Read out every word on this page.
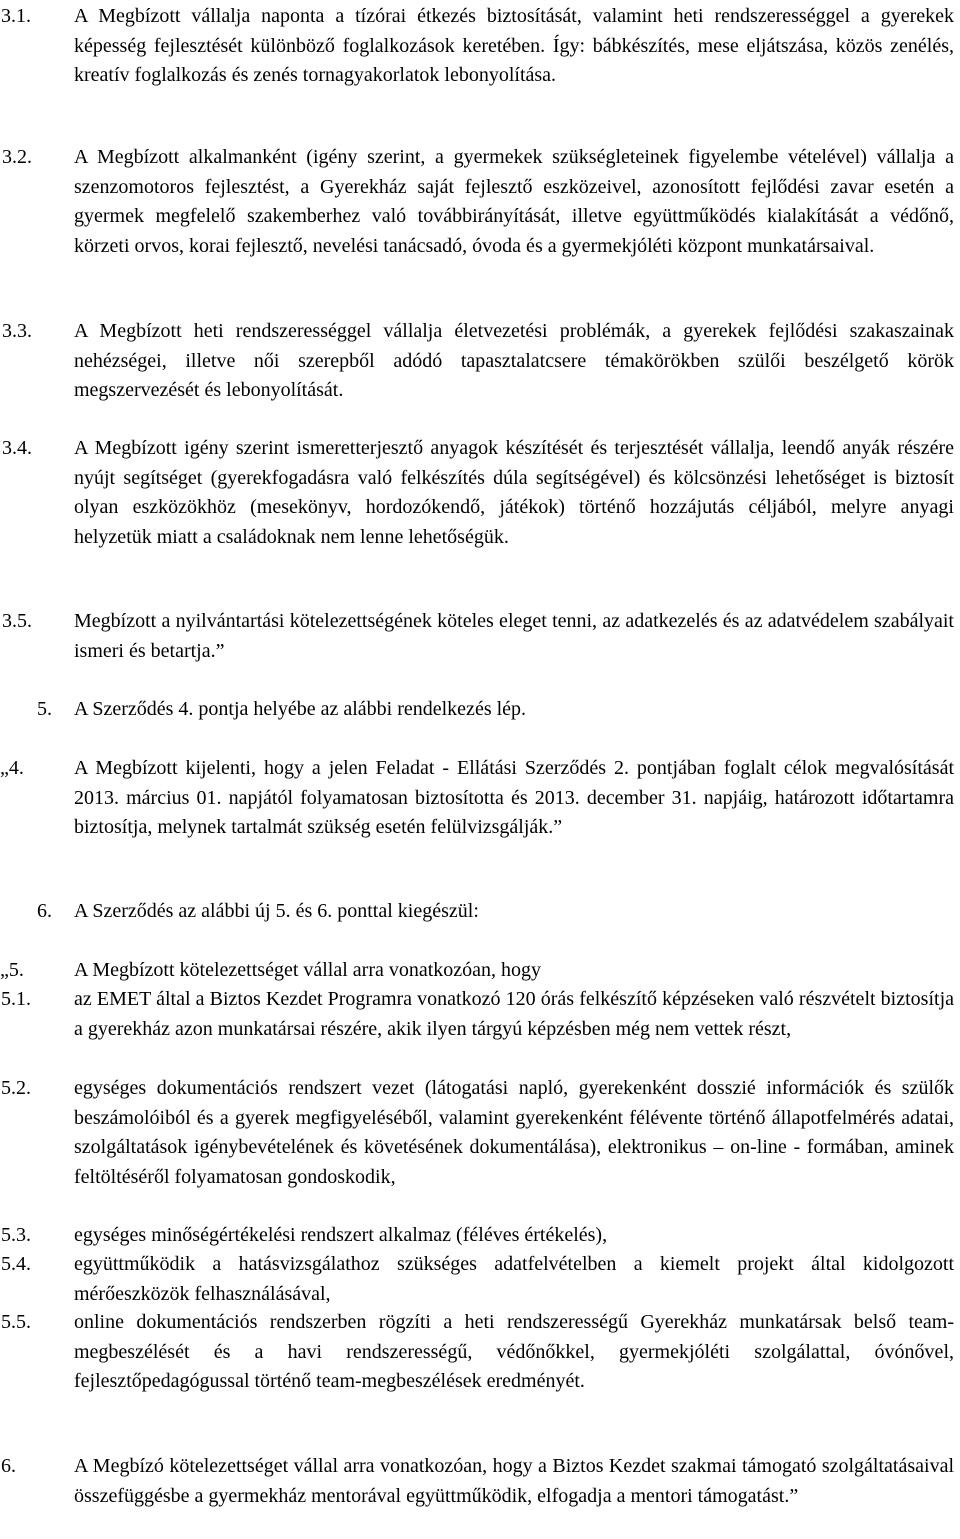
3.1.	A Megbízott vállalja naponta a tízórai étkezés biztosítását, valamint heti rendszerességgel a gyerekek képesség fejlesztését különböző foglalkozások keretében. Így: bábkészítés, mese eljátszása, közös zenélés, kreatív foglalkozás és zenés tornagyakorlatok lebonyolítása.
3.2.	A Megbízott alkalmanként (igény szerint, a gyermekek szükségleteinek figyelembe vételével) vállalja a szenzomotoros fejlesztést, a Gyerekház saját fejlesztő eszközeivel, azonosított fejlődési zavar esetén a gyermek megfelelő szakemberhez való továbbirányítását, illetve együttműködés kialakítását a védőnő, körzeti orvos, korai fejlesztő, nevelési tanácsadó, óvoda és a gyermekjóléti központ munkatársaival.
3.3.	A Megbízott heti rendszerességgel vállalja életvezetési problémák, a gyerekek fejlődési szakaszainak nehézségei, illetve női szerepből adódó tapasztalatcsere témakörökben szülői beszélgető körök megszervezését és lebonyolítását.
3.4.	A Megbízott igény szerint ismeretterjesztő anyagok készítését és terjesztését vállalja, leendő anyák részére nyújt segítséget (gyerekfogadásra való felkészítés dúla segítségével) és kölcsönzési lehetőséget is biztosít olyan eszközökhöz (mesekönyv, hordozókendő, játékok) történő hozzájutás céljából, melyre anyagi helyzetük miatt a családoknak nem lenne lehetőségük.
3.5.	Megbízott a nyilvántartási kötelezettségének köteles eleget tenni, az adatkezelés és az adatvédelem szabályait ismeri és betartja.”
5.	A Szerződés 4. pontja helyébe az alábbi rendelkezés lép.
„4.	A Megbízott kijelenti, hogy a jelen Feladat - Ellátási Szerződés 2. pontjában foglalt célok megvalósítását 2013. március 01. napjától folyamatosan biztosította és 2013. december 31. napjáig, határozott időtartamra biztosítja, melynek tartalmát szükség esetén felülvizsgálják.”
6.	A Szerződés az alábbi új 5. és 6. ponttal kiegészül:
„5.	A Megbízott kötelezettséget vállal arra vonatkozóan, hogy
5.1.	az EMET által a Biztos Kezdet Programra vonatkozó 120 órás felkészítő képzéseken való részvételt biztosítja a gyerekház azon munkatársai részére, akik ilyen tárgyú képzésben még nem vettek részt,
5.2.	egységes dokumentációs rendszert vezet (látogatási napló, gyerekenként dosszié információk és szülők beszámolóiból és a gyerek megfigyeléséből, valamint gyerekenként félévente történő állapotfelmérés adatai, szolgáltatások igénybevételének és követésének dokumentálása), elektronikus – on-line - formában, aminek feltöltéséről folyamatosan gondoskodik,
5.3.	egységes minőségértékelési rendszert alkalmaz (féléves értékelés),
5.4.	együttműködik a hatásvizsgálathoz szükséges adatfelvételben a kiemelt projekt által kidolgozott mérőeszközök felhasználásával,
5.5.	online dokumentációs rendszerben rögzíti a heti rendszerességű Gyerekház munkatársak belső team-megbeszélését és a havi rendszerességű, védőnőkkel, gyermekjóléti szolgálattal, óvónővel, fejlesztőpedagógussal történő team-megbeszélések eredményét.
6.	A Megbízó kötelezettséget vállal arra vonatkozóan, hogy a Biztos Kezdet szakmai támogató szolgáltatásaival összefüggésbe a gyermekház mentorával együttműködik, elfogadja a mentori támogatást.”
